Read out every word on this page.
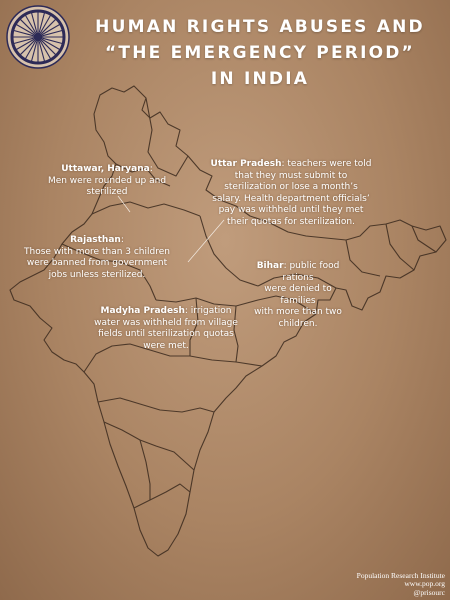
HUMAN RIGHTS ABUSES AND
“THE EMERGENCY PERIOD”
IN INDIA
Uttawar, Haryana:
Men were rounded up and
sterilized
Uttar Pradesh: teachers were told
that they must submit to
sterilization or lose a month’s
salary. Health department officials’
pay was withheld until they met
their quotas for sterilization.
Rajasthan:
Those with more than 3 children
were banned from government
jobs unless sterilized.
Bihar: public food rations
were denied to families
with more than two
children.
Madyha Pradesh: irrigation
water was withheld from village
fields until sterilization quotas
were met.
Population Research Institute
www.pop.org
@prisourc
